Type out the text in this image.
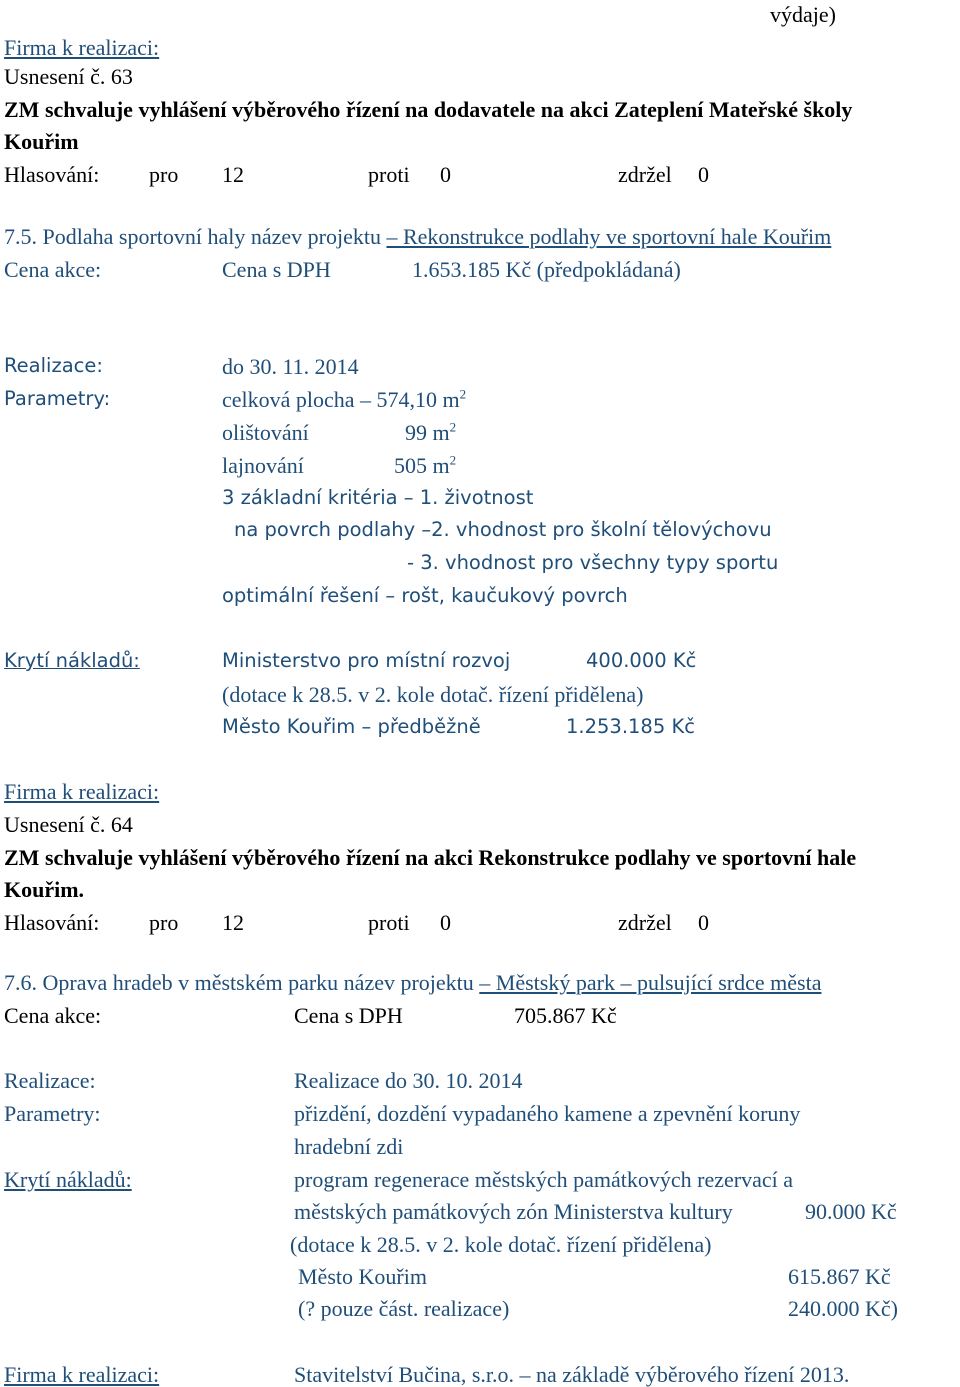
výdaje)
Firma k realizaci:
Usnesení č. 63
ZM schvaluje vyhlášení výběrového řízení na dodavatele na akci Zateplení Mateřské školy
Kouřim
Hlasování: pro 12	proti 0	zdržel 0
7.5. Podlaha sportovní haly název projektu – Rekonstrukce podlahy ve sportovní hale Kouřim
Cena akce:	Cena s DPH	1.653.185 Kč (předpokládaná)
Realizace:	do 30. 11. 2014
Parametry:	celková plocha – 574,10 $m^2$
olištování	99 $m^2$
lajnování	505 $m^2$
3 základní kritéria – 1. životnost
na povrch podlahy –2. vhodnost pro školní tělovýchovu
- 3. vhodnost pro všechny typy sportu
optimální řešení – rošt, kaučukový povrch
Krytí nákladů:	Ministerstvo pro místní rozvoj	400.000 Kč
(dotace k 28.5. v 2. kole dotač. řízení přidělena)
Město Kouřim – předběžně	1.253.185 Kč
Firma k realizaci:
Usnesení č. 64
ZM schvaluje vyhlášení výběrového řízení na akci Rekonstrukce podlahy ve sportovní hale
Kouřim.
Hlasování: pro 12	proti 0	zdržel 0
7.6. Oprava hradeb v městském parku název projektu – Městský park – pulsující srdce města
Cena akce:	Cena s DPH	705.867 Kč
Realizace:	Realizace do 30. 10. 2014
Parametry:	přizdění, dozdění vypadaného kamene a zpevnění koruny
hradební zdi
Krytí nákladů:	program regenerace městských památkových rezervací a
městských památkových zón Ministerstva kultury	90.000 Kč
(dotace k 28.5. v 2. kole dotač. řízení přidělena)
Město Kouřim	615.867 Kč
(? pouze část. realizace)	240.000 Kč)
Firma k realizaci:	Stavitelství Bučina, s.r.o. – na základě výběrového řízení 2013.
